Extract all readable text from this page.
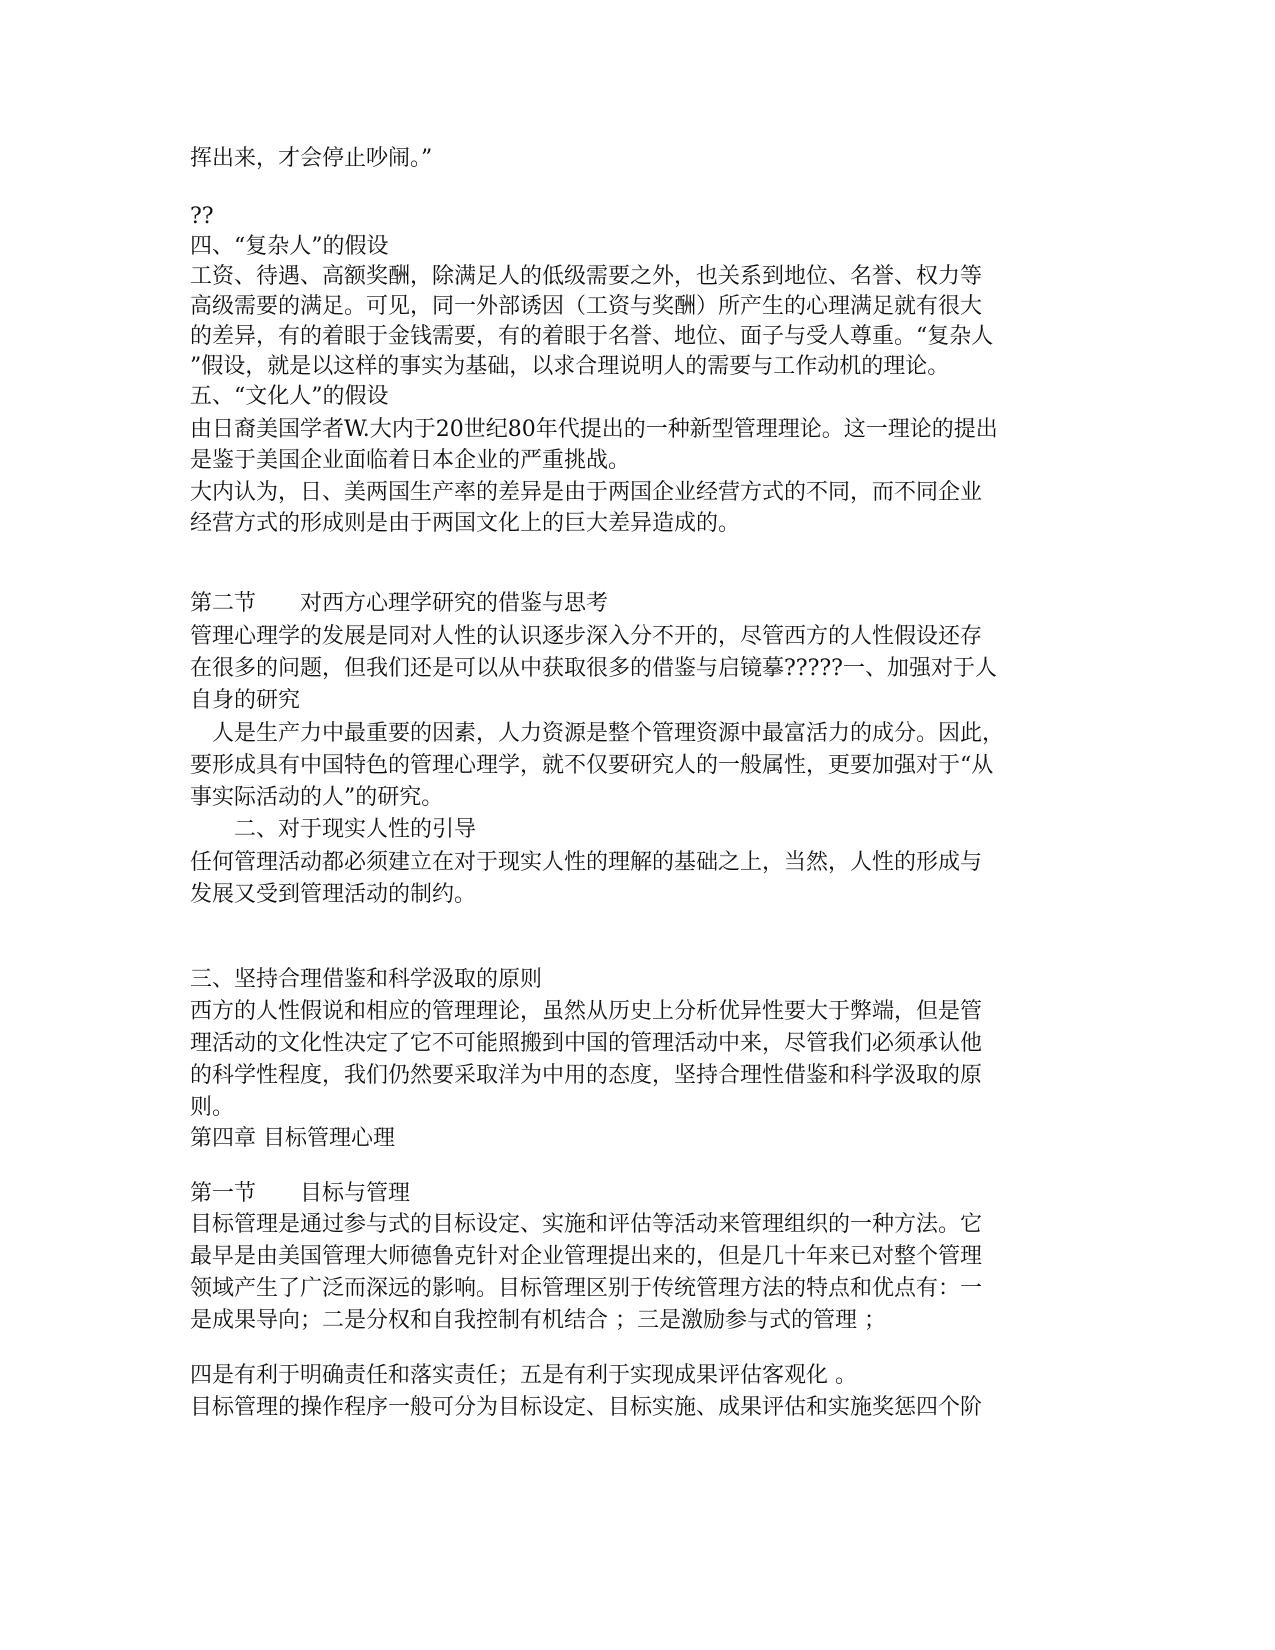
挥出来，才会停止吵闹。”
??
四、“复杂人”的假设
工资、待遇、高额奖酬，除满足人的低级需要之外，也关系到地位、名誉、权力等
高级需要的满足。可见，同一外部诱因（工资与奖酬）所产生的心理满足就有很大
的差异，有的着眼于金钱需要，有的着眼于名誉、地位、面子与受人尊重。“复杂人
”假设，就是以这样的事实为基础，以求合理说明人的需要与工作动机的理论。
五、“文化人”的假设
由日裔美国学者W.大内于20世纪80年代提出的一种新型管理理论。这一理论的提出
是鉴于美国企业面临着日本企业的严重挑战。
大内认为，日、美两国生产率的差异是由于两国企业经营方式的不同，而不同企业
经营方式的形成则是由于两国文化上的巨大差异造成的。
第二节　　对西方心理学研究的借鉴与思考
管理心理学的发展是同对人性的认识逐步深入分不开的，尽管西方的人性假设还存
在很多的问题，但我们还是可以从中获取很多的借鉴与启镜摹?????一、加强对于人
自身的研究
　人是生产力中最重要的因素，人力资源是整个管理资源中最富活力的成分。因此，
要形成具有中国特色的管理心理学，就不仅要研究人的一般属性，更要加强对于“从
事实际活动的人”的研究。
　　二、对于现实人性的引导
任何管理活动都必须建立在对于现实人性的理解的基础之上，当然，人性的形成与
发展又受到管理活动的制约。
三、坚持合理借鉴和科学汲取的原则
西方的人性假说和相应的管理理论，虽然从历史上分析优异性要大于弊端，但是管
理活动的文化性决定了它不可能照搬到中国的管理活动中来，尽管我们必须承认他
的科学性程度，我们仍然要采取洋为中用的态度，坚持合理性借鉴和科学汲取的原
则。
第四章 目标管理心理
第一节　　目标与管理
目标管理是通过参与式的目标设定、实施和评估等活动来管理组织的一种方法。它
最早是由美国管理大师德鲁克针对企业管理提出来的，但是几十年来已对整个管理
领域产生了广泛而深远的影响。目标管理区别于传统管理方法的特点和优点有：一
是成果导向；二是分权和自我控制有机结合 ；三是激励参与式的管理 ；
四是有利于明确责任和落实责任；五是有利于实现成果评估客观化 。
目标管理的操作程序一般可分为目标设定、目标实施、成果评估和实施奖惩四个阶
